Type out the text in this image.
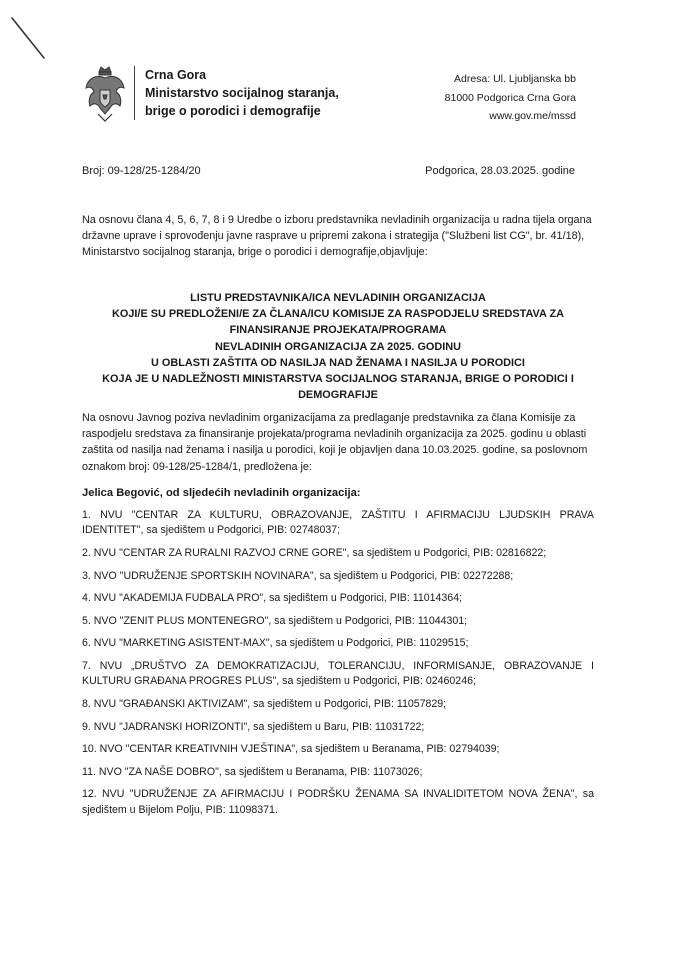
Crna Gora
Ministarstvo socijalnog staranja,
brige o porodici i demografije
Adresa: Ul. Ljubljanska bb
81000 Podgorica Crna Gora
www.gov.me/mssd
Broj: 09-128/25-1284/20	Podgorica, 28.03.2025. godine
Na osnovu člana 4, 5, 6, 7, 8 i 9 Uredbe o izboru predstavnika nevladinih organizacija u radna tijela organa državne uprave i sprovođenju javne rasprave u pripremi zakona i strategija ("Službeni list CG", br. 41/18), Ministarstvo socijalnog staranja, brige o porodici i demografije,objavljuje:
LISTU PREDSTAVNIKA/ICA NEVLADINIH ORGANIZACIJA
KOJI/E SU PREDLOŽENI/E ZA ČLANA/ICU KOMISIJE ZA RASPODJELU SREDSTAVA ZA
FINANSIRANJE PROJEKATA/PROGRAMA
NEVLADINIH ORGANIZACIJA ZA 2025. GODINU
U OBLASTI ZAŠTITA OD NASILJA NAD ŽENAMA I NASILJA U PORODICI
KOJA JE U NADLEŽNOSTI MINISTARSTVA SOCIJALNOG STARANJA, BRIGE O PORODICI I
DEMOGRAFIJE
Na osnovu Javnog poziva nevladinim organizacijama za predlaganje predstavnika za člana Komisije za raspodjelu sredstava za finansiranje projekata/programa nevladinih organizacija za 2025. godinu u oblasti zaštita od nasilja nad ženama i nasilja u porodici, koji je objavljen dana 10.03.2025. godine, sa poslovnom oznakom broj: 09-128/25-1284/1, predložena je:
Jelica Begović, od sljedećih nevladinih organizacija:
1. NVU "CENTAR ZA KULTURU, OBRAZOVANJE, ZAŠTITU I AFIRMACIJU LJUDSKIH PRAVA IDENTITET", sa sjedištem u Podgorici, PIB: 02748037;
2. NVU "CENTAR ZA RURALNI RAZVOJ CRNE GORE", sa sjedištem u Podgorici, PIB: 02816822;
3. NVO "UDRUŽENJE SPORTSKIH NOVINARA", sa sjedištem u Podgorici, PIB: 02272288;
4. NVU "AKADEMIJA FUDBALA PRO", sa sjedištem u Podgorici, PIB: 11014364;
5. NVO "ZENIT PLUS MONTENEGRO", sa sjedištem u Podgorici, PIB: 11044301;
6. NVU "MARKETING ASISTENT-MAX", sa sjedištem u Podgorici, PIB: 11029515;
7. NVU „DRUŠTVO ZA DEMOKRATIZACIJU, TOLERANCIJU, INFORMISANJE, OBRAZOVANJE I KULTURU GRAĐANA PROGRES PLUS", sa sjedištem u Podgorici, PIB: 02460246;
8. NVU "GRAĐANSKI AKTIVIZAM", sa sjedištem u Podgorici, PIB: 11057829;
9. NVU "JADRANSKI HORIZONTI", sa sjedištem u Baru, PIB: 11031722;
10. NVO "CENTAR KREATIVNIH VJEŠTINA", sa sjedištem u Beranama, PIB: 02794039;
11. NVO "ZA NAŠE DOBRO", sa sjedištem u Beranama, PIB: 11073026;
12. NVU "UDRUŽENJE ZA AFIRMACIJU I PODRŠKU ŽENAMA SA INVALIDITETOM NOVA ŽENA", sa sjedištem u Bijelom Polju, PIB: 11098371.
